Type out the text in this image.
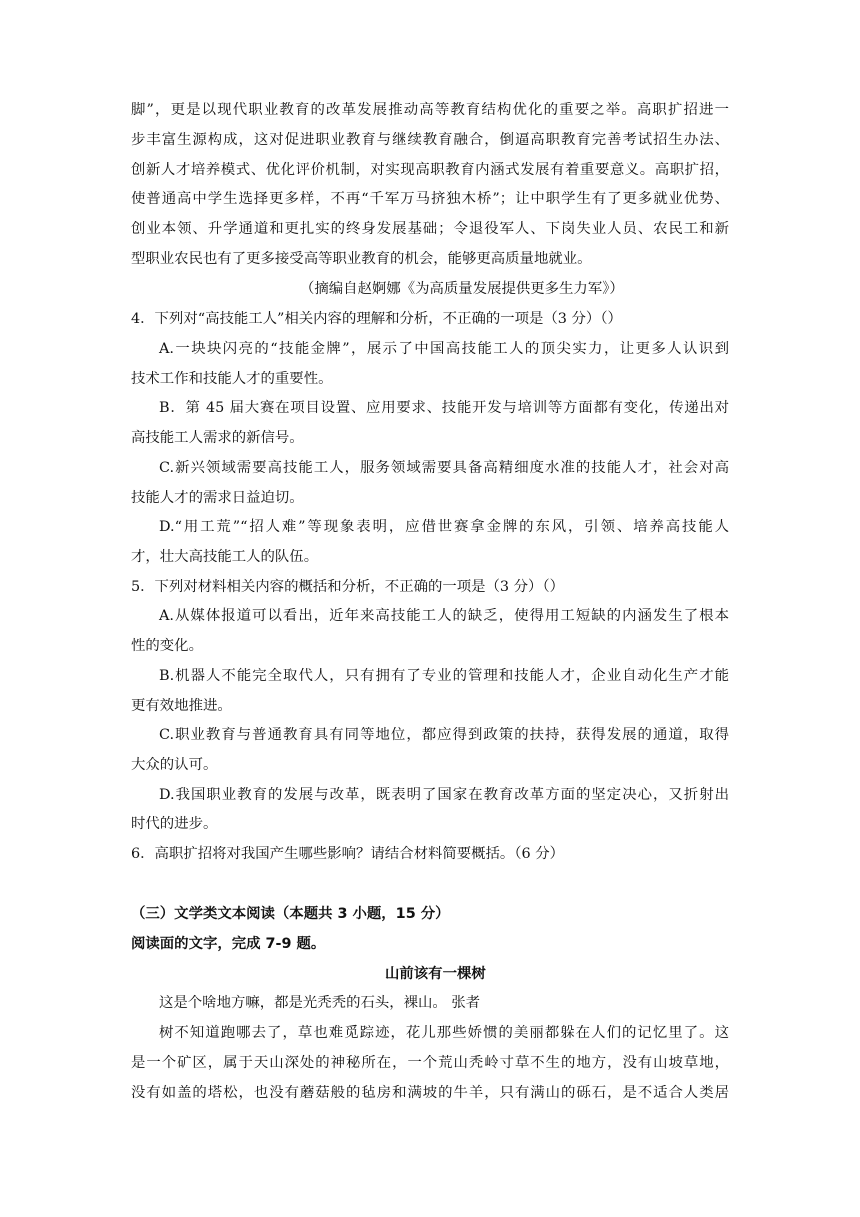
脚”，更是以现代职业教育的改革发展推动高等教育结构优化的重要之举。高职扩招进一
步丰富生源构成，这对促进职业教育与继续教育融合，倒逼高职教育完善考试招生办法、
创新人才培养模式、优化评价机制，对实现高职教育内涵式发展有着重要意义。高职扩招，
使普通高中学生选择更多样，不再“千军万马挤独木桥”；让中职学生有了更多就业优势、
创业本领、升学通道和更扎实的终身发展基础；令退役军人、下岗失业人员、农民工和新
型职业农民也有了更多接受高等职业教育的机会，能够更高质量地就业。
（摘编自赵婀娜《为高质量发展提供更多生力军》）
4．下列对“高技能工人”相关内容的理解和分析，不正确的一项是（3 分）（）
A.一块块闪亮的“技能金牌”，展示了中国高技能工人的顶尖实力，让更多人认识到
技术工作和技能人才的重要性。
B．第 45 届大赛在项目设置、应用要求、技能开发与培训等方面都有变化，传递出对
高技能工人需求的新信号。
C.新兴领域需要高技能工人，服务领域需要具备高精细度水准的技能人才，社会对高
技能人才的需求日益迫切。
D.“用工荒”“招人难”等现象表明，应借世赛拿金牌的东风，引领、培养高技能人
才，壮大高技能工人的队伍。
5．下列对材料相关内容的概括和分析，不正确的一项是（3 分）（）
A.从媒体报道可以看出，近年来高技能工人的缺乏，使得用工短缺的内涵发生了根本
性的变化。
B.机器人不能完全取代人，只有拥有了专业的管理和技能人才，企业自动化生产才能
更有效地推进。
C.职业教育与普通教育具有同等地位，都应得到政策的扶持，获得发展的通道，取得
大众的认可。
D.我国职业教育的发展与改革，既表明了国家在教育改革方面的坚定决心，又折射出
时代的进步。
6．高职扩招将对我国产生哪些影响？请结合材料简要概括。（6 分）
（三）文学类文本阅读（本题共 3 小题，15 分）
阅读面的文字，完成 7-9 题。
山前该有一棵树
这是个啥地方嘛，都是光秃秃的石头，裸山。 张者
树不知道跑哪去了，草也难觅踪迹，花儿那些娇惯的美丽都躲在人们的记忆里了。这
是一个矿区，属于天山深处的神秘所在，一个荒山秃岭寸草不生的地方，没有山坡草地，
没有如盖的塔松，也没有蘑菇般的毡房和满坡的牛羊，只有满山的砾石，是不适合人类居
